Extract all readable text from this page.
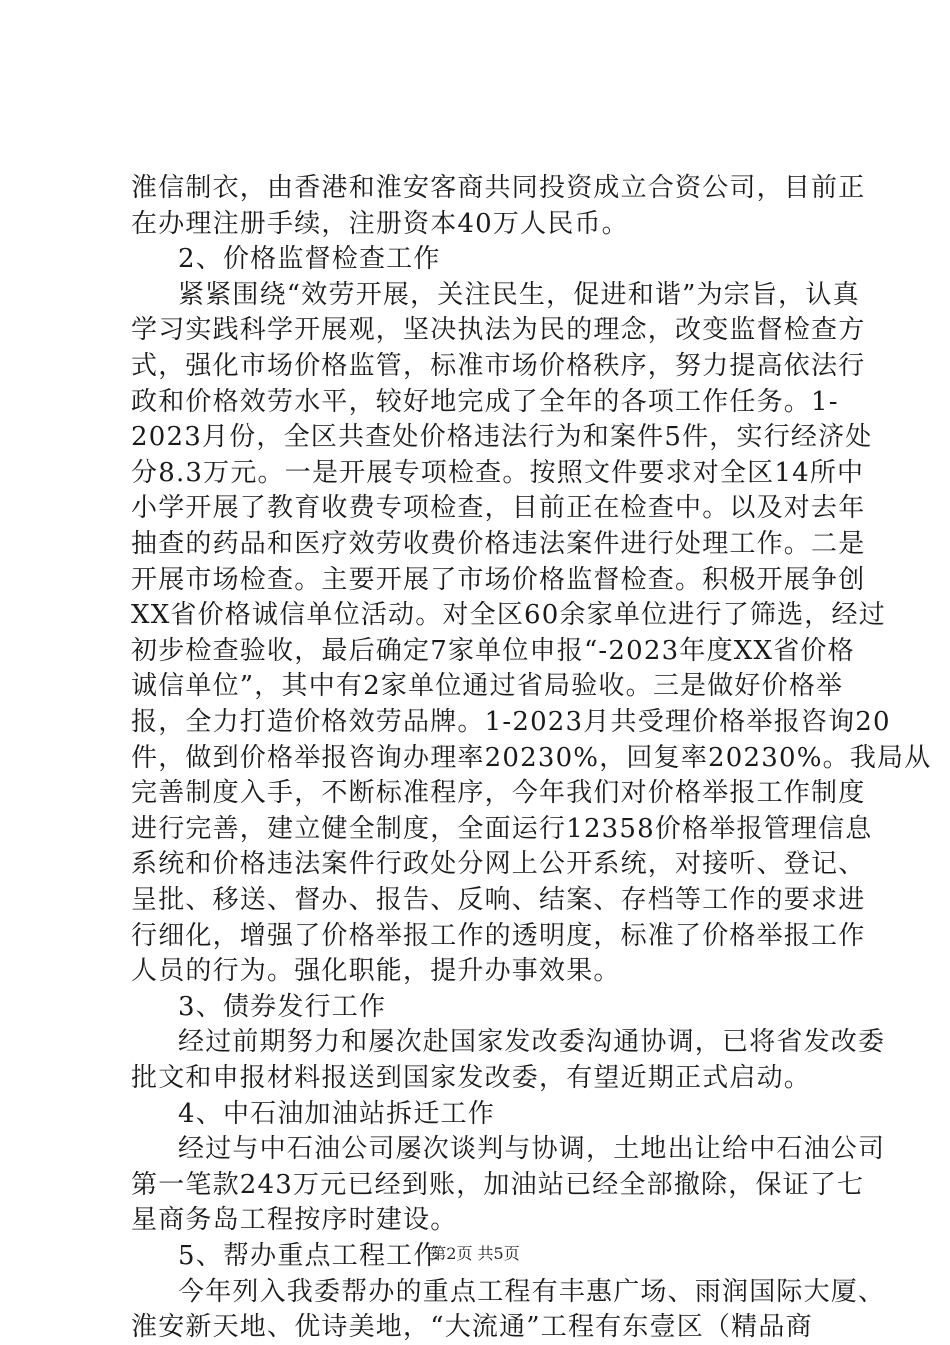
淮信制衣，由香港和淮安客商共同投资成立合资公司，目前正
在办理注册手续，注册资本40万人民币。
2、价格监督检查工作
紧紧围绕“效劳开展，关注民生，促进和谐”为宗旨，认真
学习实践科学开展观，坚决执法为民的理念，改变监督检查方
式，强化市场价格监管，标准市场价格秩序，努力提高依法行
政和价格效劳水平，较好地完成了全年的各项工作任务。1-
2023月份，全区共查处价格违法行为和案件5件，实行经济处
分8.3万元。一是开展专项检查。按照文件要求对全区14所中
小学开展了教育收费专项检查，目前正在检查中。以及对去年
抽查的药品和医疗效劳收费价格违法案件进行处理工作。二是
开展市场检查。主要开展了市场价格监督检查。积极开展争创
XX省价格诚信单位活动。对全区60余家单位进行了筛选，经过
初步检查验收，最后确定7家单位申报“-2023年度XX省价格
诚信单位”，其中有2家单位通过省局验收。三是做好价格举
报，全力打造价格效劳品牌。1-2023月共受理价格举报咨询20
件，做到价格举报咨询办理率20230%，回复率20230%。我局从
完善制度入手，不断标准程序，今年我们对价格举报工作制度
进行完善，建立健全制度，全面运行12358价格举报管理信息
系统和价格违法案件行政处分网上公开系统，对接听、登记、
呈批、移送、督办、报告、反响、结案、存档等工作的要求进
行细化，增强了价格举报工作的透明度，标准了价格举报工作
人员的行为。强化职能，提升办事效果。
3、债券发行工作
经过前期努力和屡次赴国家发改委沟通协调，已将省发改委
批文和申报材料报送到国家发改委，有望近期正式启动。
4、中石油加油站拆迁工作
经过与中石油公司屡次谈判与协调，土地出让给中石油公司
第一笔款243万元已经到账，加油站已经全部撤除，保证了七
星商务岛工程按序时建设。
5、帮办重点工程工作
今年列入我委帮办的重点工程有丰惠广场、雨润国际大厦、
淮安新天地、优诗美地，“大流通”工程有东壹区（精品商
第2页 共5页
